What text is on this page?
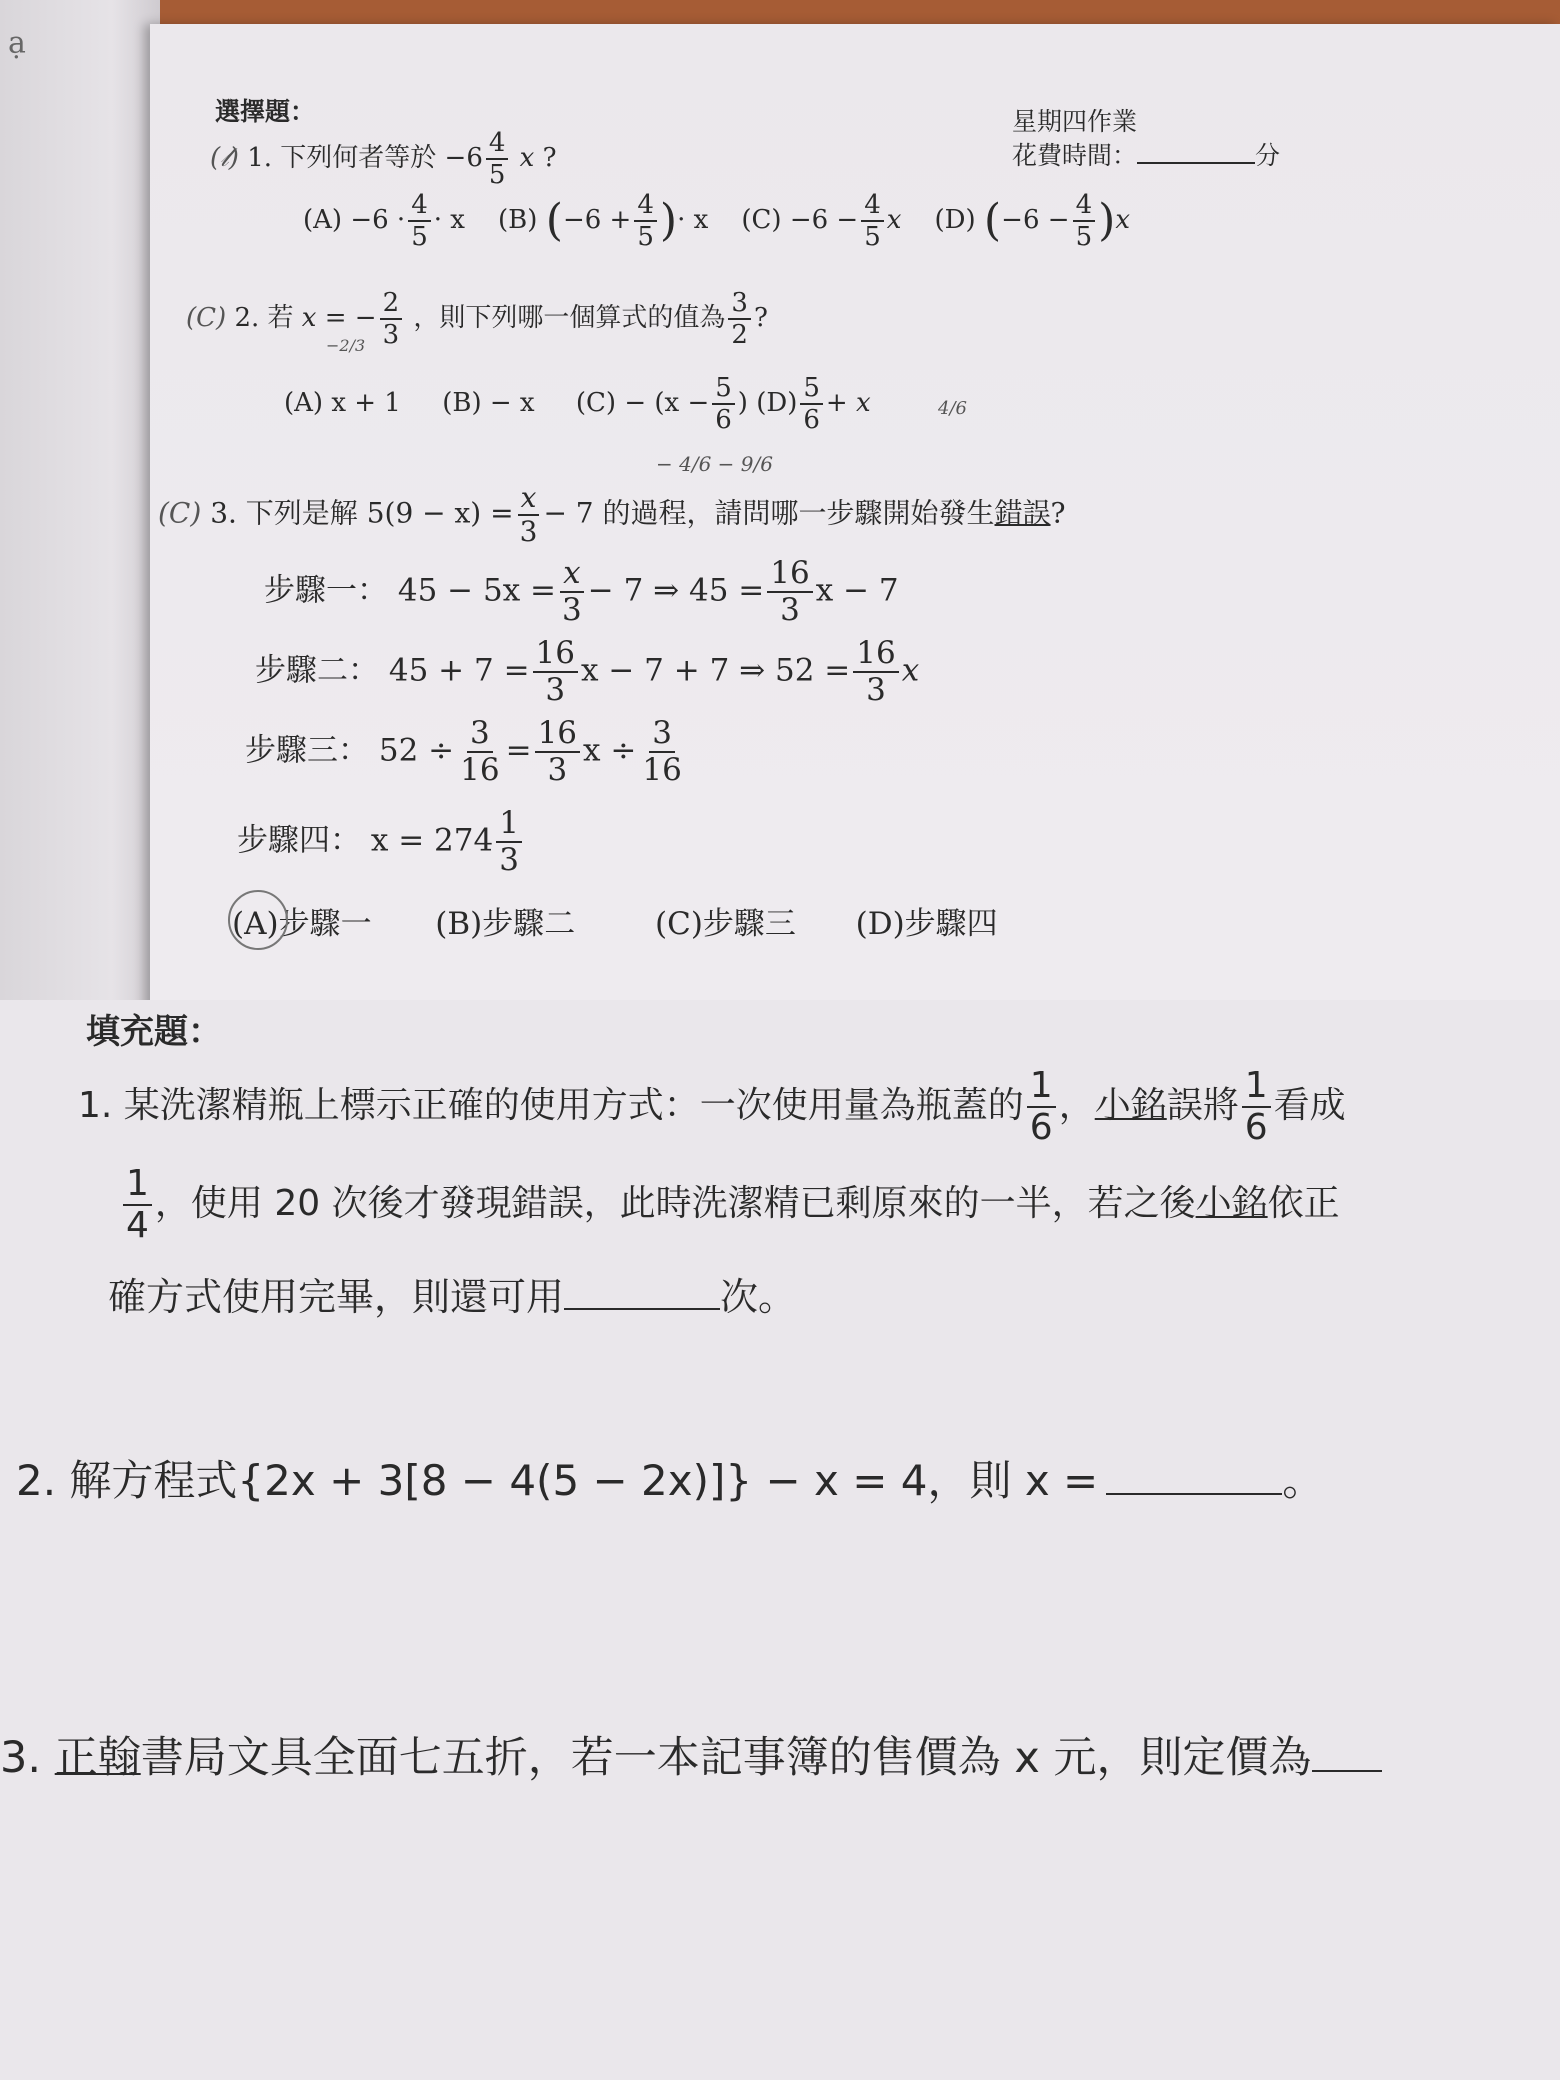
ạ
選擇題：	星期四作業
花費時間：	分
(𝓁) 1. 下列何者等於 $-6 \frac{4}{5}$ x ?
$(A) -6 \cdot \frac{4}{5} \cdot x$ (B) ($-6 + \frac{4}{5}$ )· x $(C) -6 - \frac{4}{5}$ x (D) $(-6 - \frac{4}{5} )x$
(C) 2. 若 x = − $\frac{2}{3}$ ，則下列哪一個算式的值為 $\frac{3}{2}$ ?
−2/3
(A) x + 1 (B) − x $(C) - (x - \frac{5}{6}$ ) $(D) \frac{5}{6} + x$	4/6
− 4/6 − 9/6
(C) 3. 下列是解 $5(9 - x) = \frac{x}{3} - 7$ 的過程，請問哪一步驟開始發生錯誤?
步驟一： $45 - 5x = \frac{x}{3} - 7$ ⇒ $45 = \frac{16}{3}$ x − 7
步驟二： $45 + 7 = \frac{16}{3}$ x − 7 + 7 ⇒ $52 = \frac{16}{3}$ x
步驟三： $52 \div \frac{3}{16} = \frac{16}{3}$ $x \div \frac{3}{16}$
步驟四： $x = 274 \frac{1}{3}$
(A)步驟一 (B)步驟二	(C)步驟三 (D)步驟四
填充題：
1. 某洗潔精瓶上標示正確的使用方式：一次使用量為瓶蓋的 $\frac{1}{6}$ ，小銘誤將 $\frac{1}{6}$ 看成
$\frac{1}{4}$ ，使用 20 次後才發現錯誤，此時洗潔精已剩原來的一半，若之後小銘依正
確方式使用完畢，則還可用	次。
2. 解方程式{2x + 3[8 − 4(5 − 2x)]} − x = 4，則 x =	。
3. 正翰書局文具全面七五折，若一本記事簿的售價為 x 元，則定價為
